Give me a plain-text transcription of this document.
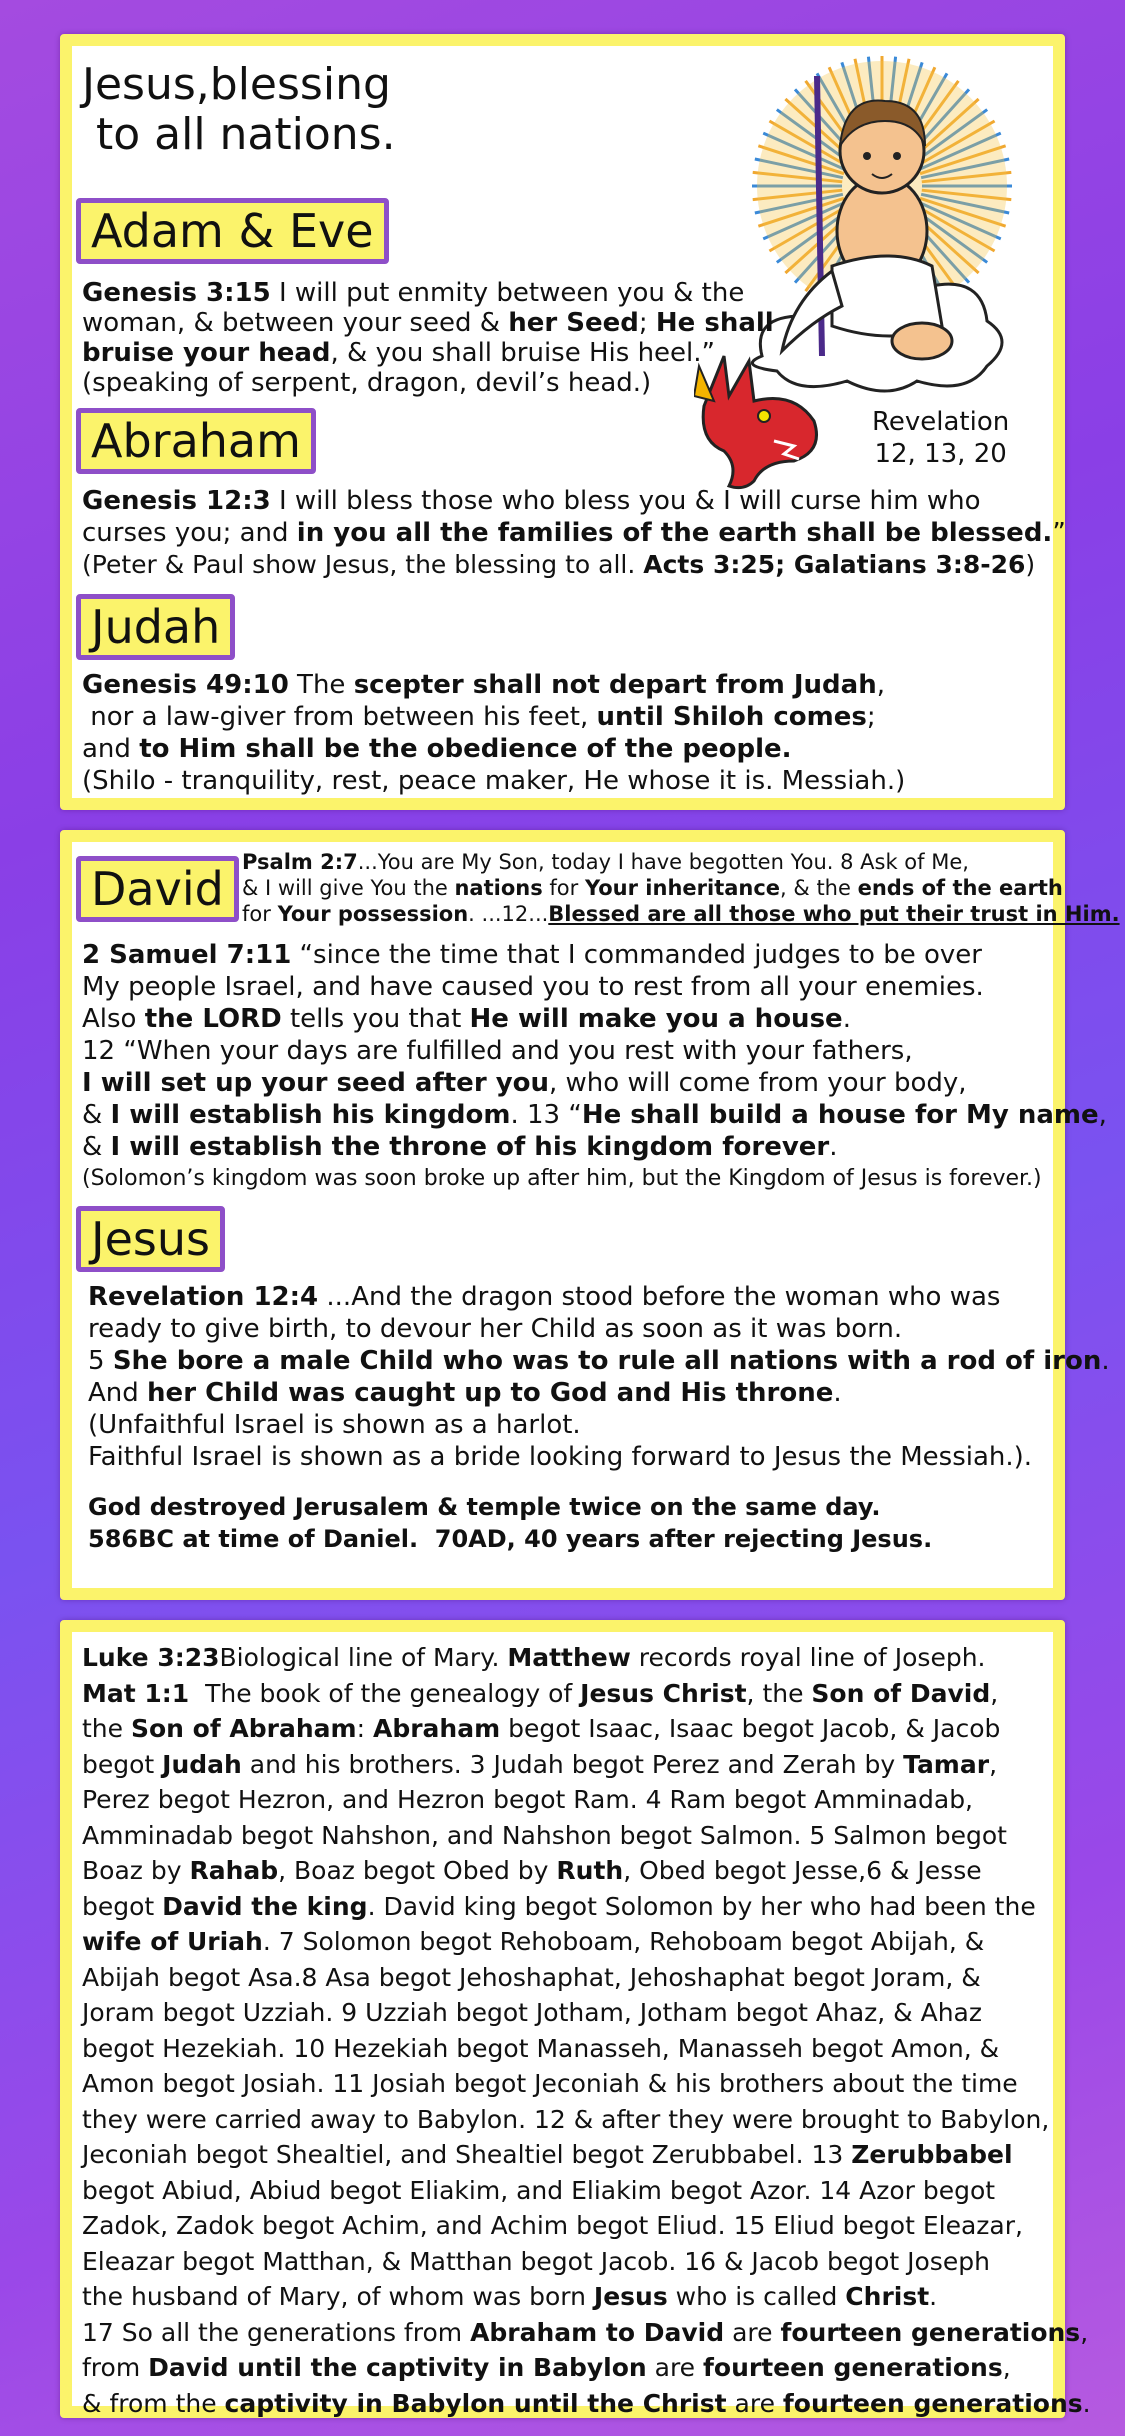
Jesus,blessing
to all nations.
Revelation
12, 13, 20
Adam & Eve
Genesis 3:15 I will put enmity between you & the
woman, & between your seed & her Seed; He shall
bruise your head, & you shall bruise His heel.”
(speaking of serpent, dragon, devil’s head.)
Abraham
Genesis 12:3 I will bless those who bless you & I will curse him who
curses you; and in you all the families of the earth shall be blessed.”
(Peter & Paul show Jesus, the blessing to all. Acts 3:25; Galatians 3:8-26)
Judah
Genesis 49:10 The scepter shall not depart from Judah,
nor a law-giver from between his feet, until Shiloh comes;
and to Him shall be the obedience of the people.
(Shilo - tranquility, rest, peace maker, He whose it is. Messiah.)
David Psalm 2:7...You are My Son, today I have begotten You. 8 Ask of Me,
& I will give You the nations for Your inheritance, & the ends of the earth
for Your possession. ...12...Blessed are all those who put their trust in Him.
2 Samuel 7:11 “since the time that I commanded judges to be over
My people Israel, and have caused you to rest from all your enemies.
Also the LORD tells you that He will make you a house.
12 “When your days are fulfilled and you rest with your fathers,
I will set up your seed after you, who will come from your body,
& I will establish his kingdom. 13 “He shall build a house for My name,
& I will establish the throne of his kingdom forever.
(Solomon’s kingdom was soon broke up after him, but the Kingdom of Jesus is forever.)
Jesus
Revelation 12:4 ...And the dragon stood before the woman who was
ready to give birth, to devour her Child as soon as it was born.
5 She bore a male Child who was to rule all nations with a rod of iron.
And her Child was caught up to God and His throne.
(Unfaithful Israel is shown as a harlot.
Faithful Israel is shown as a bride looking forward to Jesus the Messiah.).
God destroyed Jerusalem & temple twice on the same day.
586BC at time of Daniel.  70AD, 40 years after rejecting Jesus.
Luke 3:23Biological line of Mary. Matthew records royal line of Joseph.
Mat 1:1  The book of the genealogy of Jesus Christ, the Son of David,
the Son of Abraham: Abraham begot Isaac, Isaac begot Jacob, & Jacob
begot Judah and his brothers. 3 Judah begot Perez and Zerah by Tamar,
Perez begot Hezron, and Hezron begot Ram. 4 Ram begot Amminadab,
Amminadab begot Nahshon, and Nahshon begot Salmon. 5 Salmon begot
Boaz by Rahab, Boaz begot Obed by Ruth, Obed begot Jesse,6 & Jesse
begot David the king. David king begot Solomon by her who had been the
wife of Uriah. 7 Solomon begot Rehoboam, Rehoboam begot Abijah, &
Abijah begot Asa.8 Asa begot Jehoshaphat, Jehoshaphat begot Joram, &
Joram begot Uzziah. 9 Uzziah begot Jotham, Jotham begot Ahaz, & Ahaz
begot Hezekiah. 10 Hezekiah begot Manasseh, Manasseh begot Amon, &
Amon begot Josiah. 11 Josiah begot Jeconiah & his brothers about the time
they were carried away to Babylon. 12 & after they were brought to Babylon,
Jeconiah begot Shealtiel, and Shealtiel begot Zerubbabel. 13 Zerubbabel
begot Abiud, Abiud begot Eliakim, and Eliakim begot Azor. 14 Azor begot
Zadok, Zadok begot Achim, and Achim begot Eliud. 15 Eliud begot Eleazar,
Eleazar begot Matthan, & Matthan begot Jacob. 16 & Jacob begot Joseph
the husband of Mary, of whom was born Jesus who is called Christ.
17 So all the generations from Abraham to David are fourteen generations,
from David until the captivity in Babylon are fourteen generations,
& from the captivity in Babylon until the Christ are fourteen generations.
